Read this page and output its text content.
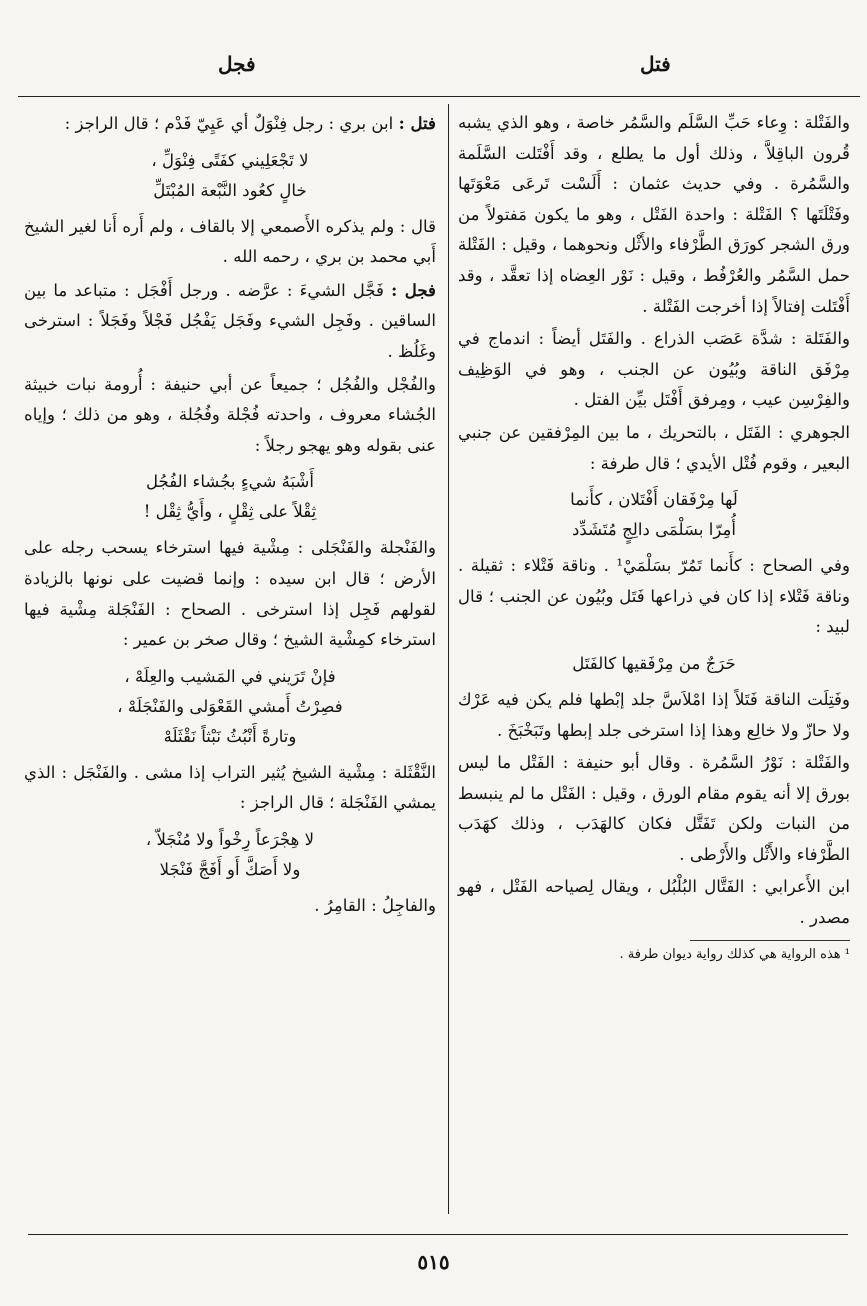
فتل
فجل

والفَتْلة : وِعاء حَبِّ السَّلَم والسَّمُر خاصة ، وهو الذي يشبه قُرون الباقِلاَّ ، وذلك أول ما يطلع ، وقد أَفْتَلت السَّلَمة والسَّمُرة . وفي حديث عثمان : أَلَسْت تَرعَى مَعْوَتَها وفَتْلَتَها ؟ الفَتْلة : واحدة الفَتْل ، وهو ما يكون مَفتولاً من ورق الشجر كورَق الطَّرْفاء والأَثْل ونحوهما ، وقيل : الفَتْلة حمل السَّمُر والعُرْفُط ، وقيل : نَوْر العِضاه إذا تعقَّد ، وقد أَفْتَلت إفتالاً إذا أخرجت الفَتْلة .

والفَتَلة : شدَّة عَصَب الذراع . والفَتَل أيضاً : اندماج في مِرْفَق الناقة وبُيُون عن الجنب ، وهو في الوَظِيف والفِرْسِن عيب ، ومِرفق أَفْتَل بيِّن الفتل .

الجوهري : الفَتَل ، بالتحريك ، ما بين المِرْفقين عن جنبي البعير ، وقوم فُتْل الأيدي ؛ قال طرفة :

لَها مِرْفَقان أَفْتَلان ، كأَنما
أُمِرّا بسَلْمَى دالِجٍ مُتَشَدِّد

وفي الصحاح : كأَنما تَمُرّ بسَلْمَيْ¹ . وناقة فَتْلاء : ثقيلة . وناقة فَتْلاء إذا كان في ذراعها فَتَل وبُيُون عن الجنب ؛ قال لبيد :

حَرَجٌ من مِرْفَقيها كالفَتَل

وفَتِلَت الناقة فَتَلاً إذا امْلاَسَّ جلد إبْطها فلم يكن فيه عَرْك ولا حازّ ولا خالِع وهذا إذا استرخى جلد إبطها وتَبَخْبَخَ .

والفَتْلة : نَوْرُ السَّمُرة . وقال أبو حنيفة : الفَتْل ما ليس بورق إلا أنه يقوم مقام الورق ، وقيل : الفَتْل ما لم ينبسط من النبات ولكن تَفَتَّل فكان كالهَدَب ، وذلك كهَدَب الطَّرْفاء والأَثْل والأَرْطى .

ابن الأَعرابي : الفَتَّال البُلْبُل ، ويقال لِصياحه الفَتْل ، فهو مصدر .

¹ هذه الرواية هي كذلك رواية ديوان طرفة .

فتل : ابن بري : رجل فِنْوَلٌ أي عَيِيّ فَدْم ؛ قال الراجز :

لا تَجْعَلِيني كفَتًى فِنْوَلِّ ،
خالٍ كعُود النَّبْعة المُبْتَلِّ

قال : ولم يذكره الأَصمعي إلا بالقاف ، ولم أَره أَنا لغير الشيخ أَبي محمد بن بري ، رحمه الله .

فجل : فَجَّل الشيءَ : عرَّضه . ورجل أَفْجَل : متباعد ما بين الساقين . وفَجِل الشيء وفَجَل يَفْجُل فَجْلاً وفَجَلاً : استرخى وغَلُظ .

والفُجْل والفُجُل ؛ جميعاً عن أبي حنيفة : أُرومة نبات خبيثة الجُشاء معروف ، واحدته فُجْلة وفُجُلة ، وهو من ذلك ؛ وإياه عنى بقوله وهو يهجو رجلاً :

أَشْبَهُ شيءٍ بجُشاء الفُجُل
ثِقْلاً على ثِقْلٍ ، وأَيُّ ثِقْل !

والفَنْجلة والفَنْجَلى : مِشْية فيها استرخاء يسحب رجله على الأرض ؛ قال ابن سيده : وإنما قضيت على نونها بالزيادة لقولهم فَجِل إذا استرخى . الصحاح : الفَنْجَلة مِشْية فيها استرخاء كمِشْية الشيخ ؛ وقال صخر بن عمير :

فإنْ تَرَيني في المَشيب والعِلَهْ ،
فصِرْتُ أَمشي القَعْوَلى والفَنْجَلَهْ ،
وتارةً أَنْبُثُ نَبْثاً نَقْثَلَهْ

النَّقْثَلة : مِشْية الشيخ يُثير التراب إذا مشى . والفَنْجَل : الذي يمشي الفَنْجَلة ؛ قال الراجز :

لا هِجْرَعاً رِخْواً ولا مُنْجَلاّ ،
ولا أَصَكَّ أَو أَفَجَّ فَنْجَلا

والفاجِلُ : القامِرُ .

٥١٥
